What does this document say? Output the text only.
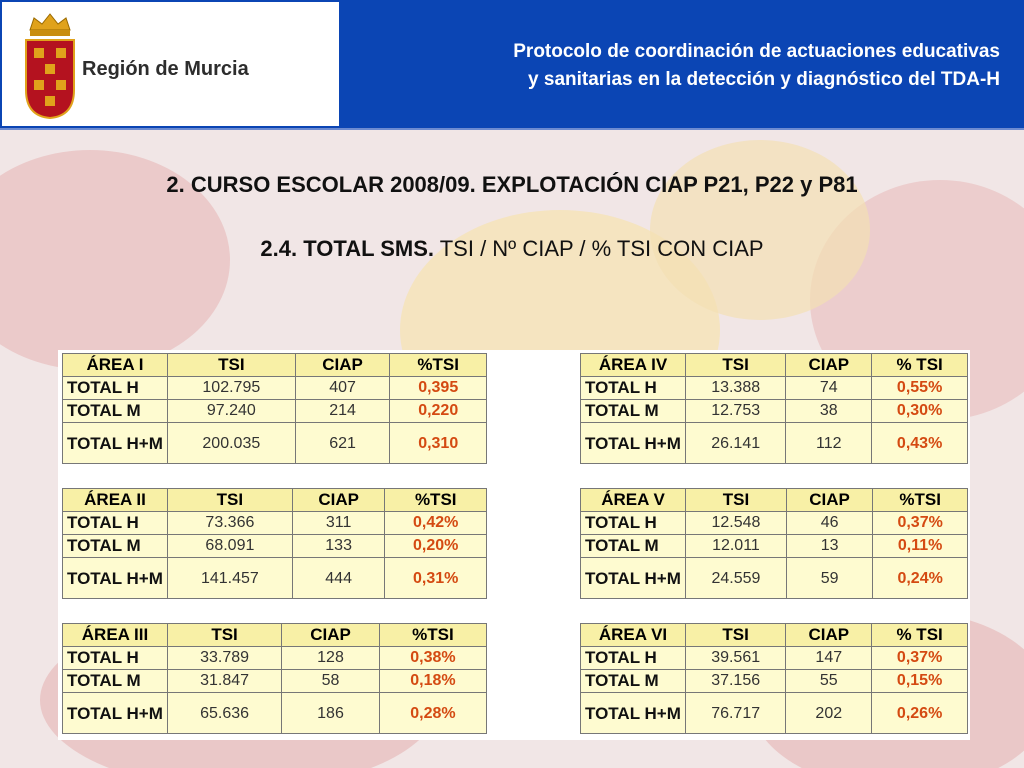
Región de Murcia
Protocolo de coordinación de actuaciones educativas
y sanitarias en la detección y diagnóstico del TDA-H
2. CURSO ESCOLAR 2008/09. EXPLOTACIÓN CIAP P21, P22 y P81
2.4. TOTAL SMS. TSI / Nº CIAP / % TSI CON CIAP
ÁREA I	TSI	CIAP	%TSI
TOTAL H	102.795	407	0,395
TOTAL M	97.240	214	0,220
TOTAL H+M	200.035	621	0,310
ÁREA II	TSI	CIAP	%TSI
TOTAL H	73.366	311	0,42%
TOTAL M	68.091	133	0,20%
TOTAL H+M	141.457	444	0,31%
ÁREA III	TSI	CIAP	%TSI
TOTAL H	33.789	128	0,38%
TOTAL M	31.847	58	0,18%
TOTAL H+M	65.636	186	0,28%
ÁREA IV	TSI	CIAP	% TSI
TOTAL H	13.388	74	0,55%
TOTAL M	12.753	38	0,30%
TOTAL H+M	26.141	112	0,43%
ÁREA V	TSI	CIAP	%TSI
TOTAL H	12.548	46	0,37%
TOTAL M	12.011	13	0,11%
TOTAL H+M	24.559	59	0,24%
ÁREA VI	TSI	CIAP	% TSI
TOTAL H	39.561	147	0,37%
TOTAL M	37.156	55	0,15%
TOTAL H+M	76.717	202	0,26%
